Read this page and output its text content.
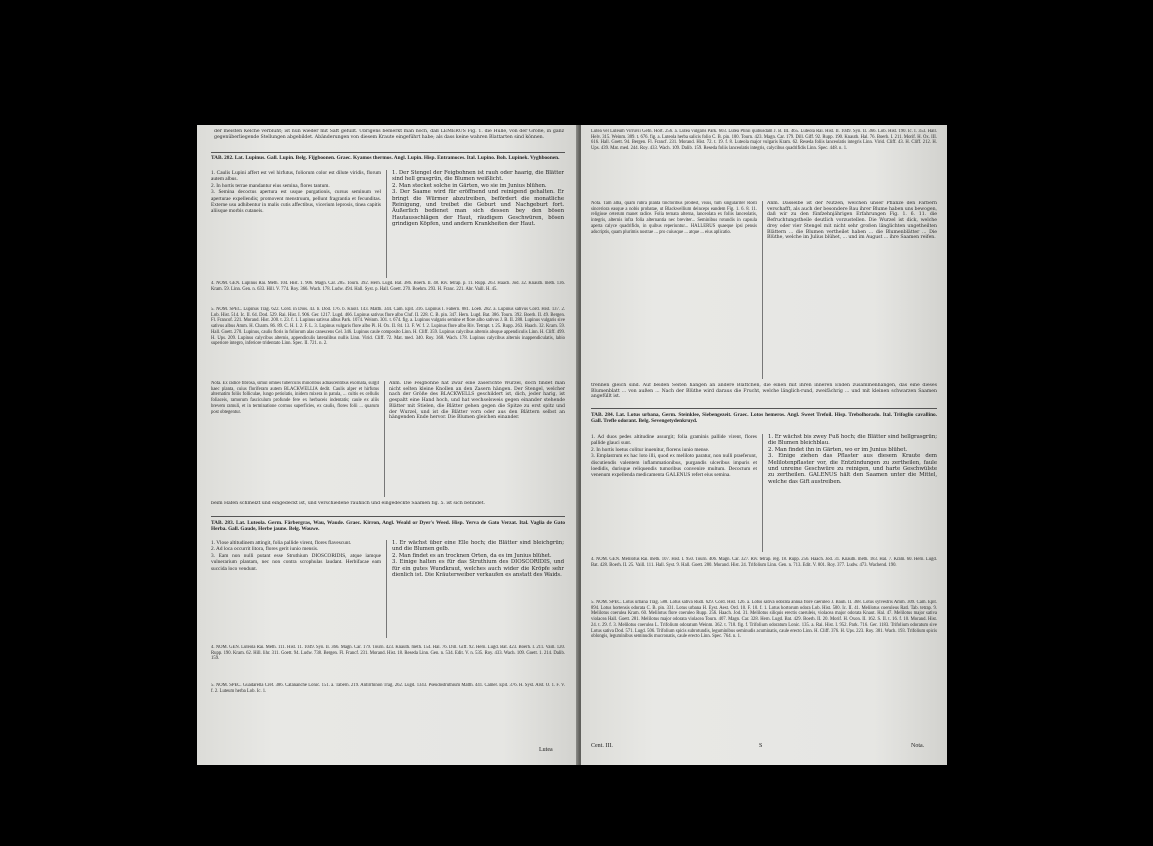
der meisten Kelche verblüht; ist nun wieder mit Saft gefüllt. Übrigens bemerkt man noch, daß LEMERUS Fig. 1. die Hülle, von der Größe, in ganz gegenüberliegende Stellungen abgebildet. Abänderungen von diesem Kraute eingeführt habe; als dass keine wahren Blattarten sind können.
TAB. 282. Lat. Lupinus. Gall. Lupin. Belg. Fijgboonen. Graec. Kyamos thermos. Angl. Lupin. Hisp. Entramoces. Ital. Lupino. Boh. Lupinek. Vyghboonen.
1. Caulis Lupini affert est vel hirfutus, foliorum color est dilute viridis, florum autem albus.
2. In hortis terrae mandantur eius semina, flores tantum.
3. Semina decoctus apertura est usque purgationis, cursus seminum vel aperturae expellendis; promovent menstruum, pellunt fragrantia et fecunditas. Externe usu adhibentur in malis cutis affectibus, vicerium leprosis, tinea capitis aliisque morbis cutaneis.
1. Der Stengel der Feigbohnen ist rauh oder haarig, die Blätter sind hell grasgrün, die Blumen weißlicht.
2. Man stecket solche in Gärten, wo sie im Junius blühen.
3. Der Saame wird für eröffnend und reinigend gehalten. Er bringt die Würmer abzutreiben, befördert die monatliche Reinigung, und treibet die Geburt und Nachgeburt fort. Äußerlich bedienet man sich dessen bey den bösen Hautausschlägen der Haut, räudigem Geschwüren, bösen grindigen Köpfen, und andern Krankheiten der Haut.
4. NOM. GEN. Lupinus Rai. Meth. 104. Hist. 1. 906. Magn. Car. 285. Tourn. 392. Hern. Lugd. Bat. 386. Boerh. II. 48. Riv. tetrap. p. 11. Rupp. 263. Haach. Jod. 32. Knauth. meth. 136. Kram. 59. Linn. Gen. n. 633. Hill. V. 774. Roy. 366. Wach. 178. Ludw. 494. Hall. Syst. p. Hall. Goett. 270. Boehm. 293. H. Franc. 221. Abr. Vaill. H. 45.
5. NOM. SPEC. Lupinus Trag. 622. Cord. in Dios. 43. b. Dod. 176. b. Knoll. 143. Matth. 344. Cam. Epit. 316. Lupinus I. Fabern. 881. Loeb. 282. a. Lupinus sativus Cord. Hist. 137. 2. Lob. Hist. 514. Ic. II. 64. Dod. 529. Rai. Hist. I. 906. Ger. 1217. Lugd. 466. Lupinus sativus flore albo Cluf. II. 228. C. B. pin. 347. Hern. Lugd. Bat. 386. Tourn. 392. Boerh. II. 49. Bergen. Fl. Francof. 221. Morand. Hist. 200. t. 23. f. 1. Lupinus sativus albus Park. 1074. Weinm. 301. t. 674. fig. a. Lupinus vulgaris semine et flore albo sativus J. B. II. 288. Lupinus vulgaris sive sativus albus Amm. H. Charm. 86. 89. C. H. I. 2. F. L. 3. Lupinus vulgaris flore albo Pi. H. Ox. II. 84. 13. F. W. f. 2. Lupinus flore albo Riv. Tetrapt. t. 25. Rupp. 263. Haach. 32. Kram. 59. Hall. Goett. 270. Lupinus, caulis floris in foliorum alas canescens Cel. 346. Lupinus caule composito Linn. H. Cliff. 359. Lupinus calycibus alternis absque appendiculis Linn. H. Cliff. 499. H. Ups. 209. Lupinus calycibus alternis, appendiculis lateralibus nullis Linn. Virid. Cliff. 72. Mat. med. 340. Roy. 368. Wach. 178. Lupinus calycibus alternis inappendiculatis, labio superiore integro, inferiore tridentato Linn. Spec. II. 721. n. 2.
Nota. Ex radice fibrosa, simul omnes tuberculis minoribus adnascentibus exornata, surgit haec planta, cuius floriferam autem BLACKWELLIA dedit. Caulis alper et hirfutus alternatim foliis folliculae, lungo petiolatis, inidem mixera in patula, ... cultis ex cellulis foliaceis, ramorum fasciculum profunde fere ex herbaceis indentatis; caule ex aliis brevem ramuli, et in terminatione cormus superficies, ex caulis, flores folii ... quarum post obtegentur.
Anm. Die Feigbohne hat zwar eine zaserichte Wurzel, doch findet man nicht selten kleine Knollen an den Zasern hängen. Der Stengel, welcher nach der Größe des BLACKWELLS geschildert ist, dich, jeder harig, ist gespaltt eine Hand hoch, und hat wechselsweis gegen einander stehende Blätter mit Stielen, die Blätter gehen gegen die Spitze zu erst spitz und der Wurzel, und ist die Blätter vorn oder aus den Blättern selbst an hängenden Ende hervor. Die Blumen gleichen einander.
beim Hafen schmelzt und eingedeckt ist, und verschiedene rauhlich und eingedeckte Saamen fig. 5. ist sich befindet.
TAB. 283. Lat. Luteola. Germ. Färbergras, Wau, Waude. Graec. Kirron, Angl. Weald or Dyer's Weed. Hisp. Yerva de Gato Verzat. Ital. Vaglia de Gato Herba. Gall. Gaude, Herbe jaune. Belg. Wouwe.
1. Vlose altitudinem attingit, folia pallide virent, flores flavescunt.
2. Ad loca occurrit litora, flores gerit iunio mensis.
3. Eam non nulli putant esse Struthium DIOSCORIDIS, atque iamque vulnerarium plantam, nec non contra scrophulas laudant. Herbifacae eam succida loco vendunt.
1. Er wächst über eine Elle hoch; die Blätter sind bleichgrün; und die Blumen gelb.
2. Man findet es an trocknen Orten, da es im Junius blühet.
3. Einige halten es für das Struthium des DIOSCORIDIS, und für ein gutes Wundkraut, welches auch wider die Kröpfe sehr dienlich ist. Die Kräuterweiber verkaufen es anstatt des Waids.
4. NOM. GEN. Luteola Rai. Meth. 111. Hist. 11. 1049. Syn. II. 366. Magn. Car. 179. Tourn. 423. Knauth. meth. 154. Hal. 76. Dill. Giff. 92. Hern. Lugd. Bat. 423. Boerh. I. 211. Vaill. 120. Rupp. 190. Kram. 62. Hill. lihr. 311. Goett. 94. Ludw. 738. Bergen. Fl. Francf. 231. Morand. Hist. 18. Reseda Linn. Gen. n. 534. Edit. V. n. 535. Roy. 433. Wach. 109. Goett. 1. 214. Dalib. 159.
5. NOM. SPEC. Guadarella Cref. 386. Catananche Lonic. 151. a. Tabern. 219. Antirrhinon Trag. 262. Lugd. 1343. Pseudostruthium Matth. 441. Camer. Epit. 376. H. Syst. Arst. O. 1. F. V. f. 2. Luteum herba Lob. Ic. 1.
Lutea
Lutea vel Luteum Virruvii Gefn. Hort. 256. a. Lutea vulgaris Park. 603. Lutea Plinii quibusdam J. B. III. 465. Luteola Rai. Hist. II. 1049. Syn. II. 366. Lob. Hist. 190. Ic. I. 353. Hall. Helv. 315. Weinm. 309. t. 676. fig. a. Luteola herba salicis folio C. B. pin. 100. Tourn. 423. Magn. Car. 179. Dill. Giff. 92. Rupp. 190. Knauth. Hal. 76. Boerh. I. 211. Morif. H. Ox. III. 616. Hall. Goett. 94. Bergen. Fl. Francf. 231. Morand. Hist. 72. t. 19. f. 8. Luteola major vulgaris Kram. 62. Reseda foliis lanceolatis integris Linn. Virid. Cliff. 43. H. Cliff. 212. H. Ups. 439. Mat. med. 244. Roy. 433. Wach. 109. Dalib. 159. Reseda foliis lanceolatis integris, calycibus quadrifidis Linn. Spec. 448. n. 1.
Nota. Tam alba, quam rubra planta tinctoribus prodest, visus, tum singulariter Rosti sinceriora easque a nobis probatae, ut Blackwellium deinceps eandem Fig. 1. 6. 8. 11. religiose ceterum manet radice. Folia ternata alterna, lanceolata ex foliis lanceolatis, integris, alternis infra folia alternantia nec breviter... Seminibus rotundis in capsula aperta calyce quadrifido, in quibus reperiuntur... HALLERUS quaeque ipsi pensis adscriptis, quam plurimis nostrae ... pro cuiusque ... atque ... eius aplicatio.
Anm. Dasselbe ist der Nutzen, welchen unser Pflanze den Färbern verschafft, als auch der besondere Bau ihrer Blume haben uns bewogen, daß wir zu den fünfzehnjährigen Erfahrungen Fig. 1. 6. 11. die Befruchtungstheile deutlich vorzustellen. Die Wurzel ist dick, welche drey oder vier Stengel mit nicht sehr großen länglichten ungetheilten Blättern ... die Blumen vertheilet haben ... die Blumenblätter ... Die Blüthe, welche im Julius blühet, ... und im August ... ihre Saamen reifen.
trennen gleich sind. Auf beiden Seiten hängen an andere Blättchen, die einen mit ihren inneren Enden zusammenhängen, das eine dieses Blumenblatt ... von außen ... Nach der Blüthe wird daraus die Frucht, welche länglich-rund, zweifächrig ... und mit kleinen schwarzen Saamen angefüllt ist.
TAB. 284. Lat. Lotus urbana, Germ. Steinklee, Siebengezeit. Graec. Lotos hemeros. Angl. Sweet Trefoil. Hisp. Trebolhorado. Ital. Trifoglio cavallino. Gall. Trefle odorant. Belg. Sevengetydenkruyd.
1. Ad duos pedes altitudine assurgit; folia graminis pallide virent, flores pallide glauci sunt.
2. In hortis loetus colitur inuenitur, florens iunio mense.
3. Emplastrum ex hac loto illi, quod ex meliloto paratur, non nulli praeferunt, discutiendis valentem inflammationibus, purgandis ulceribus impuris et loedidis, durisque reliquendis tumoribus convenire multum. Decoctum et venenum expellenda medicamenta GALENUS refert eius semina.
1. Er wächst bis zwey Fuß hoch; die Blätter sind hellgrasgrün; die Blumen bleichblau.
2. Man findet ihn in Gärten, wo er im Junius blühet.
3. Einige ziehen das Pflaster aus diesem Kraute dem Melilotenpflaster vor, die Entzündungen zu zertheilen, faule und unreine Geschwüre zu reinigen, und harte Geschwülste zu zertheilen. GALENUS hält den Saamen unter die Mittel, welche das Gift austreiben.
4. NOM. GEN. Melilotus Rai. meth. 107. Hist. I. 950. Tourn. 406. Magn. Car. 327. Riv. tetrap. reg. 18. Rupp. 256. Haach. Jod. 31. Knauth. meth. 183. Hal. 7. Kram. 60. Hern. Lugd. Bat. 428. Boerh. II. 25. Vaill. 111. Hall. Syst. 9. Hall. Goett. 280. Morand. Hist. 24. Trifolium Linn. Gen. n. 713. Edit. V. 801. Roy. 377. Ludw. 473. Wachend. 190.
5. NOM. SPEC. Lotus urbana Trag. 588. Lotus sativa Rudl. 629. Cord. Hist. 126. a. Lotus sativa odorata annua flore caeruleo J. Bauh. II. 368. Lotus sylvestris Amm. 309. Cam. Epit. 894. Lotus hortensis odorata C. B. pin. 331. Lotus urbana H. Eyst. Aest. Ord. 10. F. 10. f. 1. Lotus hortorum odora Lob. Hist. 500. Ic. II. 41. Melilotus coeruleus Ratl. Tab. tetrap. 9. Melilotus coerulea Kram. 60. Melilotus flore coeruleo Rupp. 256. Haach. Jod. 31. Melilotus siliquis erectis caeruleis, violacea major odorata Knaut. Hal. 47. Melilotus major sativa violacea Hall. Goett. 281. Melilotus major odorata violacea Tourn. 407. Magn. Car. 328. Hern. Lugd. Bat. 429. Boerh. II. 20. Morif. H. Oxon. II. 162. S. II. t. 16. f. 10. Morand. Hist. 24. t. 29. f. 3. Melilotus coerulea L. Trifolium odoratum Weinm. 362. t. 718. fig. f. Trifolium odoratum Lonic. 135. a. Rai. Hist. I. 952. Park. 716. Ger. 1183. Trifolium odoratum sive Lotus sativa Dod. 571. Lugd. 506. Trifolium spicis subrotundis, leguminibus seminudis acuminatis, caule erecto Linn. H. Cliff. 376. H. Ups. 223. Roy. 381. Wach. 193. Trifolium spicis oblongis, leguminibus seminudis mucronatis, caule erecto Linn. Spec. 764. n. 1.
Cent. III.	S	Nota.
